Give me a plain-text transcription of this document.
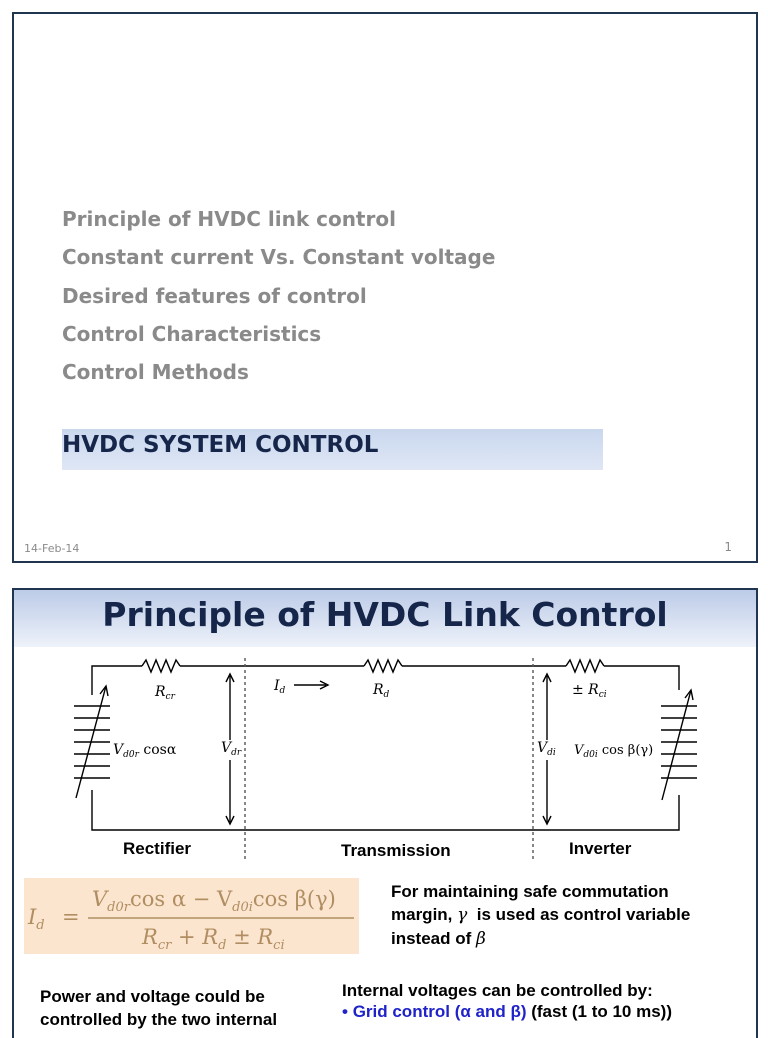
Principle of HVDC link control
Constant current Vs. Constant voltage
Desired features of control
Control Characteristics
Control Methods
HVDC SYSTEM CONTROL
14-Feb-14	1
Principle of HVDC Link Control
$R_{cr}$
$I_d$	$R_d$	± $R_{ci}$
$V_{dr}$	$V_{di}$
$V_{d0r}$ cosα	$V_{d0i}$ cos β(γ)
Rectifier	Transmission	Inverter
$I_d$ =
$V_{d0r}\cos$ $\alpha - V_{d0i}\cos$ β(γ)
$R_{cr} + R_d \pm R_{ci}$
For maintaining safe commutation
margin, γ is used as control variable
instead of β
Power and voltage could be
controlled by the two internal
Internal voltages can be controlled by:
• Grid control (α and β) (fast (1 to 10 ms))
